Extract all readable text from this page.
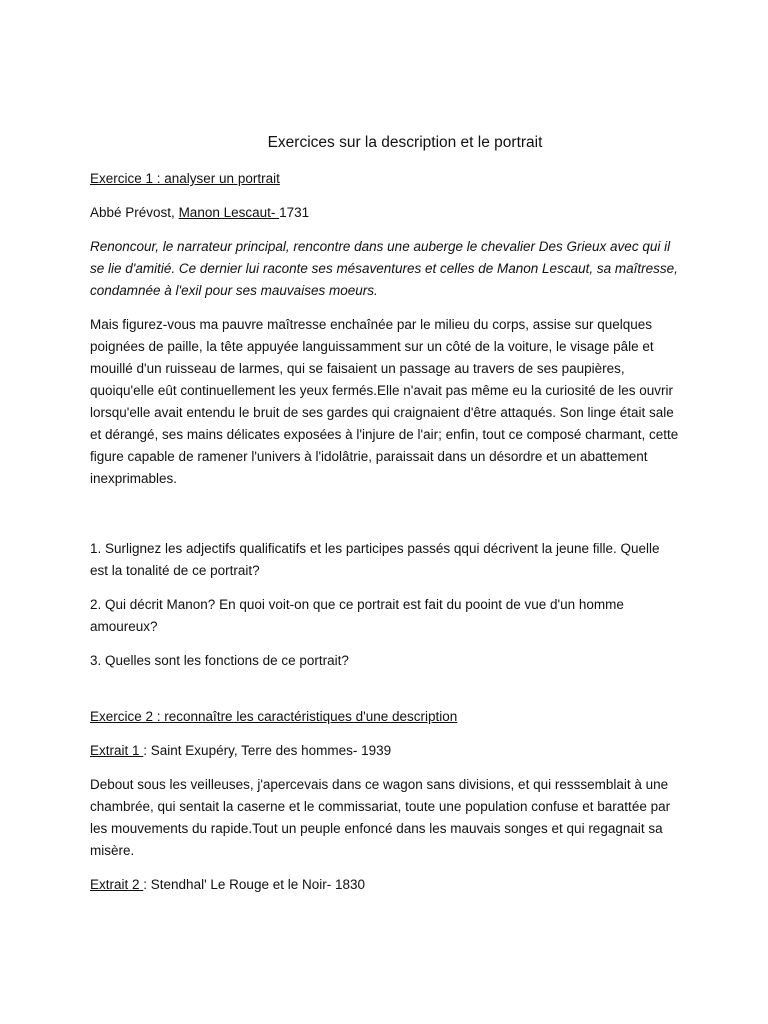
Exercices sur la description et le portrait

Exercice 1 : analyser un portrait

Abbé Prévost, Manon Lescaut- 1731

Renoncour, le narrateur principal, rencontre dans une auberge le chevalier Des Grieux avec qui il se lie d'amitié. Ce dernier lui raconte ses mésaventures et celles de Manon Lescaut, sa maîtresse, condamnée à l'exil pour ses mauvaises moeurs.

Mais figurez-vous ma pauvre maîtresse enchaînée par le milieu du corps, assise sur quelques poignées de paille, la tête appuyée languissamment sur un côté de la voiture, le visage pâle et mouillé d'un ruisseau de larmes, qui se faisaient un passage au travers de ses paupières, quoiqu'elle eût continuellement les yeux fermés.Elle n'avait pas même eu la curiosité de les ouvrir lorsqu'elle avait entendu le bruit de ses gardes qui craignaient d'être attaqués. Son linge était sale et dérangé, ses mains délicates exposées à l'injure de l'air; enfin, tout ce composé charmant, cette figure capable de ramener l'univers à l'idolâtrie, paraissait dans un désordre et un abattement inexprimables.

1. Surlignez les adjectifs qualificatifs et les participes passés qqui décrivent la jeune fille. Quelle est la tonalité de ce portrait?

2. Qui décrit Manon? En quoi voit-on que ce portrait est fait du pooint de vue d'un homme amoureux?

3. Quelles sont les fonctions de ce portrait?

Exercice 2 : reconnaître les caractéristiques d'une description

Extrait 1 : Saint Exupéry, Terre des hommes- 1939

Debout sous les veilleuses, j'apercevais dans ce wagon sans divisions, et qui resssemblait à une chambrée, qui sentait la caserne et le commissariat, toute une population confuse et barattée par les mouvements du rapide.Tout un peuple enfoncé dans les mauvais songes et qui regagnait sa misère.

Extrait 2 : Stendhal' Le Rouge et le Noir- 1830
